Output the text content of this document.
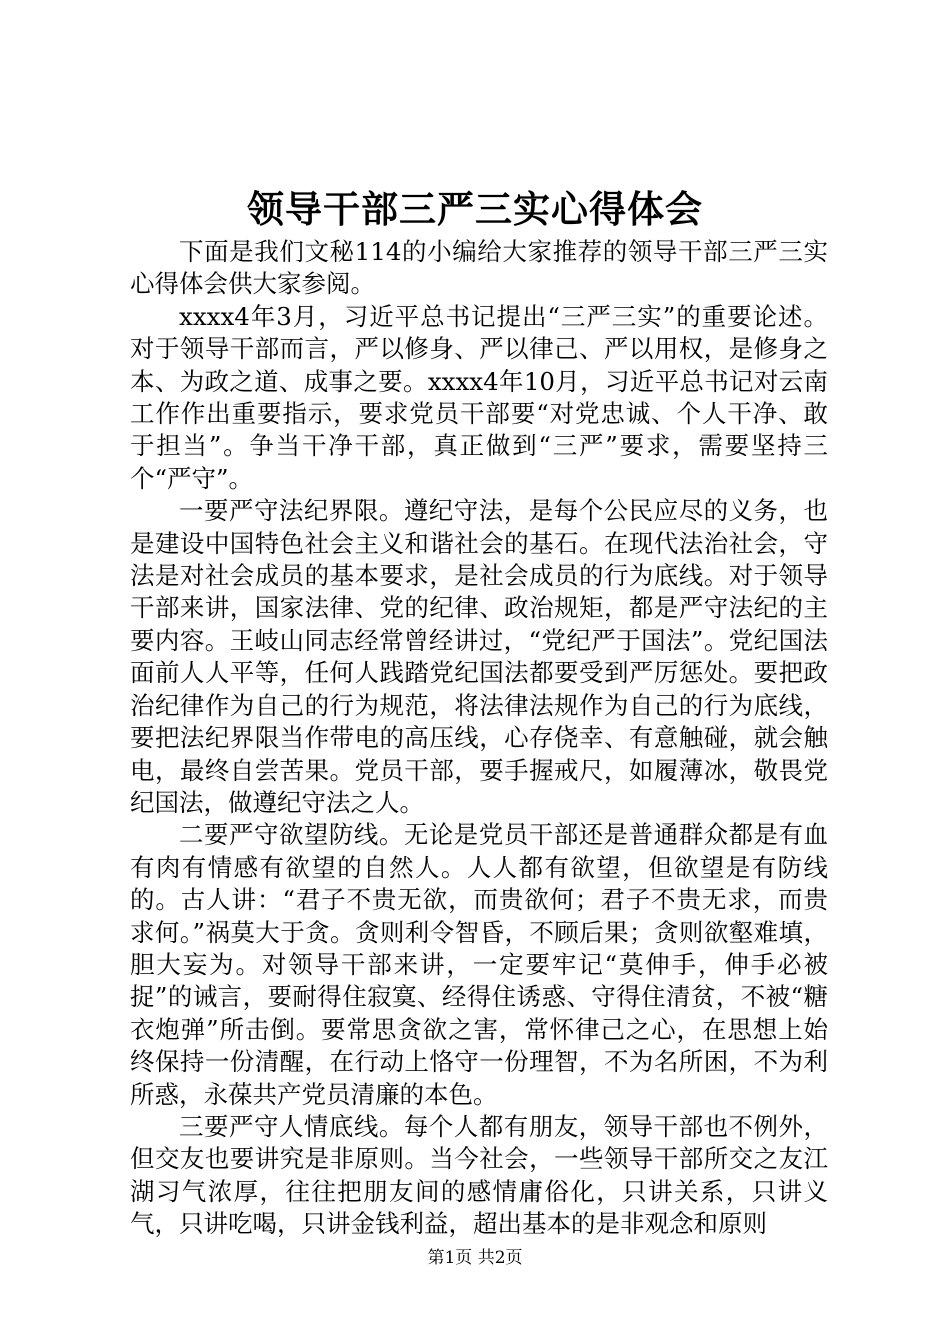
领导干部三严三实心得体会

下面是我们文秘114的小编给大家推荐的领导干部三严三实心得体会供大家参阅。

xxxx4年3月，习近平总书记提出“三严三实”的重要论述。对于领导干部而言，严以修身、严以律己、严以用权，是修身之本、为政之道、成事之要。xxxx4年10月，习近平总书记对云南工作作出重要指示，要求党员干部要“对党忠诚、个人干净、敢于担当”。争当干净干部，真正做到“三严”要求，需要坚持三个“严守”。

一要严守法纪界限。遵纪守法，是每个公民应尽的义务，也是建设中国特色社会主义和谐社会的基石。在现代法治社会，守法是对社会成员的基本要求，是社会成员的行为底线。对于领导干部来讲，国家法律、党的纪律、政治规矩，都是严守法纪的主要内容。王岐山同志经常曾经讲过，“党纪严于国法”。党纪国法面前人人平等，任何人践踏党纪国法都要受到严厉惩处。要把政治纪律作为自己的行为规范，将法律法规作为自己的行为底线，要把法纪界限当作带电的高压线，心存侥幸、有意触碰，就会触电，最终自尝苦果。党员干部，要手握戒尺，如履薄冰，敬畏党纪国法，做遵纪守法之人。

二要严守欲望防线。无论是党员干部还是普通群众都是有血有肉有情感有欲望的自然人。人人都有欲望，但欲望是有防线的。古人讲：“君子不贵无欲，而贵欲何；君子不贵无求，而贵求何。”祸莫大于贪。贪则利令智昏，不顾后果；贪则欲壑难填，胆大妄为。对领导干部来讲，一定要牢记“莫伸手，伸手必被捉”的诫言，要耐得住寂寞、经得住诱惑、守得住清贫，不被“糖衣炮弹”所击倒。要常思贪欲之害，常怀律己之心，在思想上始终保持一份清醒，在行动上恪守一份理智，不为名所困，不为利所惑，永葆共产党员清廉的本色。

三要严守人情底线。每个人都有朋友，领导干部也不例外，但交友也要讲究是非原则。当今社会，一些领导干部所交之友江湖习气浓厚，往往把朋友间的感情庸俗化，只讲关系，只讲义气，只讲吃喝，只讲金钱利益，超出基本的是非观念和原则

第1页 共2页
